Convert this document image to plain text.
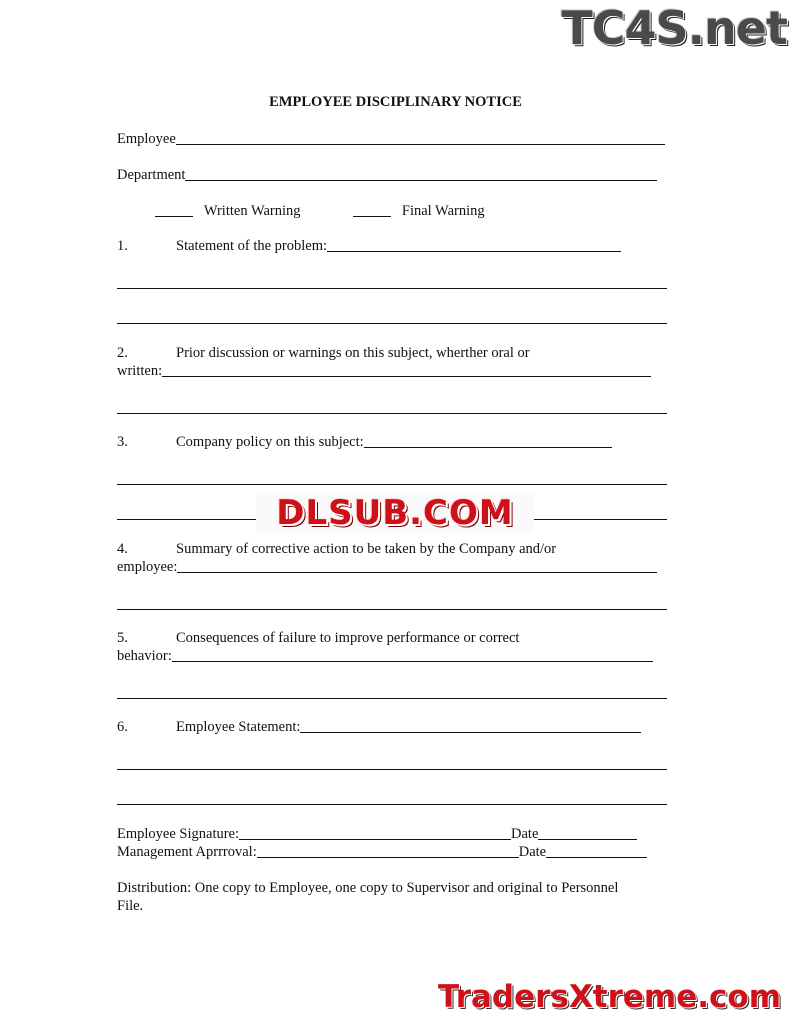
TC4S.net
EMPLOYEE DISCIPLINARY NOTICE
Employee
Department
Written Warning	Final Warning
1.	Statement of the problem:
2.	Prior discussion or warnings on this subject, wherther oral or
written:
3.	Company policy on this subject:
DLSUB.COM
4.	Summary of corrective action to be taken by the Company and/or
employee:
5.	Consequences of failure to improve performance or correct
behavior:
6.	Employee Statement:
Employee Signature:	Date
Management Aprrroval:	Date
Distribution: One copy to Employee, one copy to Supervisor and original to Personnel
File.
TradersXtreme.com
